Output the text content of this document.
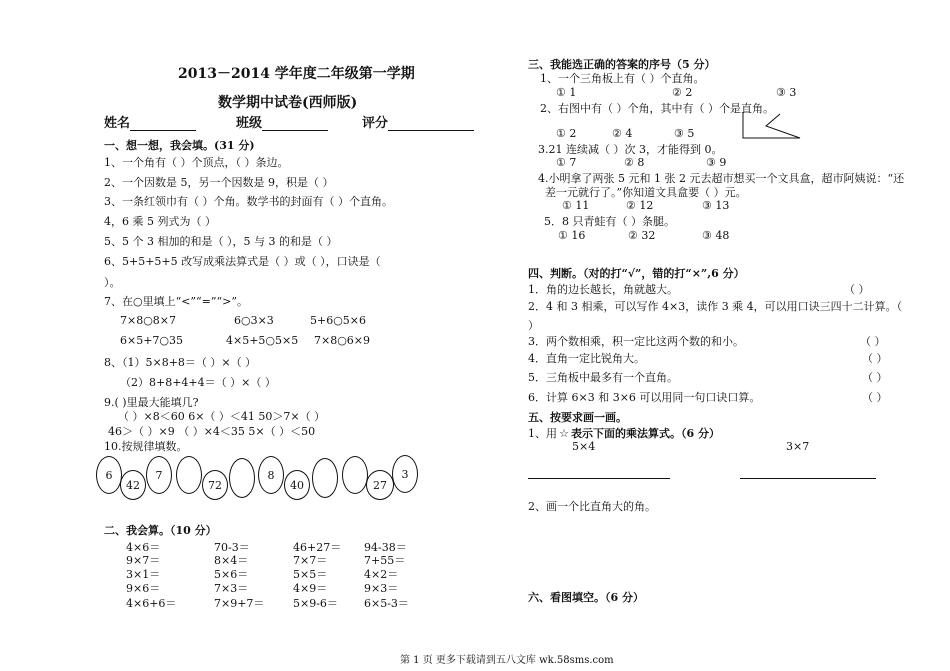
2013－2014 学年度二年级第一学期
数学期中试卷(西师版)
姓名	班级	评分
一、想一想，我会填。(31 分)
1、一个角有（ ）个顶点，（ ）条边。
2、一个因数是 5，另一个因数是 9，积是（ ）
3、一条红领巾有（ ）个角。数学书的封面有（ ）个直角。
4，6 乘 5 列式为（ ）
5、5 个 3 相加的和是（ ），5 与 3 的和是（ ）
6、5+5+5+5 改写成乘法算式是（ ）或（ ），口诀是（
）。
7、在○里填上“<”“=”“>”。
7×8○8×7	6○3×3	5+6○5×6
6×5+7○35	4×5+5○5×5 7×8○6×9
8、（1）5×8+8＝（ ）×（ ）
（2）8+8+4+4＝（ ）×（ ）
9.( )里最大能填几?
（ ）×8＜60 6×（ ）＜41 50＞7×（ ）
46＞（ ）×9 （ ）×4＜35 5×（ ）＜50
10.按规律填数。
6
42
7
72
8
40	27
3
二、我会算。（10 分）
4×6＝	70-3＝	46+27＝ 94-38＝
9×7＝	8×4＝	7×7＝	7+55＝
3×1＝	5×6＝	5×5＝	4×2＝
9×6＝	7×3＝	4×9＝	9×3＝
4×6+6＝	7×9+7＝	5×9-6＝ 6×5-3＝
三、我能选正确的答案的序号（5 分）
1、一个三角板上有（ ）个直角。
① 1	② 2	③ 3
2、右图中有（ ）个角，其中有（ ）个是直角。
① 2	② 4	③ 5
3.21 连续减（ ）次 3，才能得到 0。
① 7	② 8	③ 9
4.小明拿了两张 5 元和 1 张 2 元去超市想买一个文具盒，超市阿姨说：“还
差一元就行了。”你知道文具盒要（ ）元。
① 11	② 12	③ 13
5．8 只青蛙有（ ）条腿。
① 16	② 32	③ 48
四、判断。（对的打“√”，错的打“×”,6 分）
1．角的边长越长，角就越大。	（ ）
2．4 和 3 相乘，可以写作 4×3，读作 3 乘 4，可以用口诀三四十二计算。（
）
3．两个数相乘，积一定比这两个数的和小。	（ ）
4．直角一定比锐角大。	（ ）
5．三角板中最多有一个直角。	（ ）
6．计算 6×3 和 3×6 可以用同一句口诀口算。	（ ）
五、按要求画一画。
1、用 ☆ 表示下面的乘法算式。（6 分）
5×4	3×7
2、画一个比直角大的角。
六、看图填空。（6 分）
第 1 页 更多下载请到五八文库 wk.58sms.com
